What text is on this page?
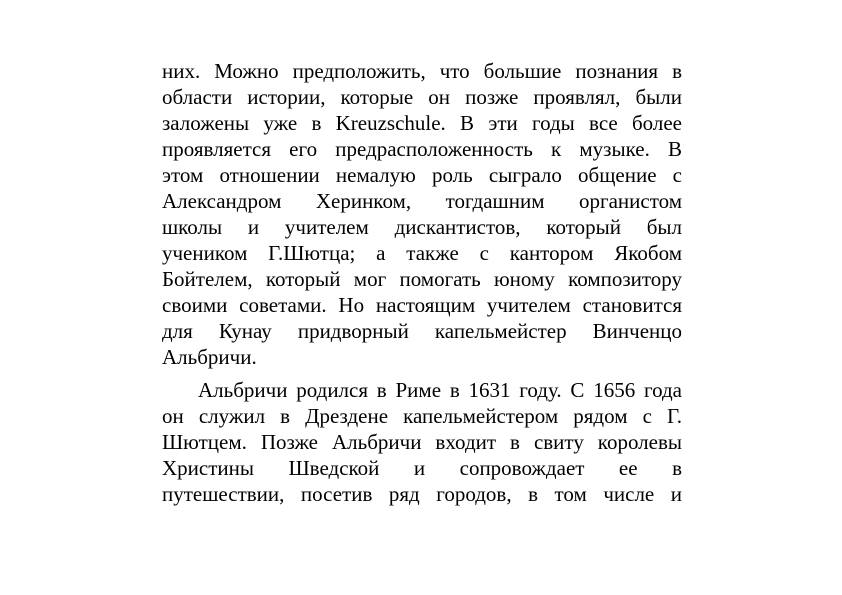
них. Можно предположить, что большие познания в
области истории, которые он позже проявлял, были
заложены уже в Kreuzschule. В эти годы все более
проявляется его предрасположенность к музыке. В
этом отношении немалую роль сыграло общение с
Александром Херинком, тогдашним органистом
школы и учителем дискантистов, который был
учеником Г.Шютца; а также с кантором Якобом
Бойтелем, который мог помогать юному композитору
своими советами. Но настоящим учителем становится
для Кунау придворный капельмейстер Винченцо
Альбричи.

Альбричи родился в Риме в 1631 году. С 1656 года
он служил в Дрездене капельмейстером рядом с Г.
Шютцем. Позже Альбричи входит в свиту королевы
Христины Шведской и сопровождает ее в
путешествии, посетив ряд городов, в том числе и
